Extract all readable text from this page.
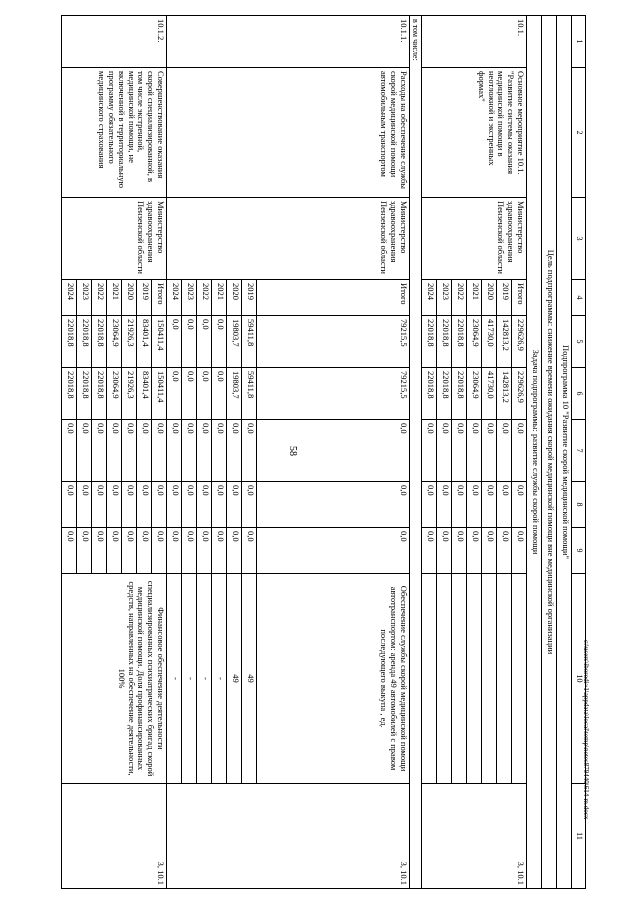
58
c:\users\iborodi~1\appdata\local\temp\notes879440\614-m.docx
1	2	3	4	5	6	7	8	9	10	11
Подпрограмма 10 "Развитие скорой медицинской помощи"										
Цель подпрограммы: снижение времени ожидания скорой медицинской помощи вне медицинской организации										
Задача подпрограммы: развитие службы скорой помощи										
10.1.	Основное мероприятие 10.1. "Развитие системы оказания медицинской помощи в неотложной и экстренных формах"	Министерство здравоохранения Пензенской области	Итого	229626,9	229626,9	0,0	0,0	0,0		3, 10.1
			2019	142813,2	142813,2	0,0	0,0	0,0		
			2020	41730,0	41730,0	0,0	0,0	0,0		
			2021	23064,9	23064,9	0,0	0,0	0,0		
			2022	22018,8	22018,8	0,0	0,0	0,0		
			2023	22018,8	22018,8	0,0	0,0	0,0		
			2024	22018,8	22018,8	0,0	0,0	0,0		
в том числе:										
10.1.1.	Расходы на обеспечение службы скорой медицинской помощи автомобильным транспортом	Министерство здравоохранения Пензенской области	Итого	79215,5	79215,5	0,0	0,0	0,0	Обеспечение службы скорой медицинской помощи автотранспортом: аренда 49 автомобилей с правом последующего выкупа , ед.	3, 10.1
			2019	59411,8	59411,8	0,0	0,0	0,0	49	
			2020	19803,7	19803,7	0,0	0,0	0,0	49	
			2021	0,0	0,0	0,0	0,0	0,0	-	
			2022	0,0	0,0	0,0	0,0	0,0	-	
			2023	0,0	0,0	0,0	0,0	0,0	-	
			2024	0,0	0,0	0,0	0,0	0,0	-	
10.1.2.	Совершенствование оказания скорой специализированной, в том числе экстренной, медицинской помощи, не включенной в территориальную программу обязательного медицинского страхования	Министерство здравоохранения Пензенской области	Итого	150411,4	150411,4	0,0	0,0	0,0	Финансовое обеспечение деятельности специализированных психиатрических бригад скорой медицинской помощи. Доля профинансированных средств, направленных на обеспечение деятельности, 100%	3, 10.1
			2019	83401,4	83401,4	0,0	0,0	0,0		
			2020	21926,3	21926,3	0,0	0,0	0,0		
			2021	23064,9	23064,9	0,0	0,0	0,0		
			2022	22018,8	22018,8	0,0	0,0	0,0		
			2023	22018,8	22018,8	0,0	0,0	0,0		
			2024	22018,8	22018,8	0,0	0,0	0,0		
